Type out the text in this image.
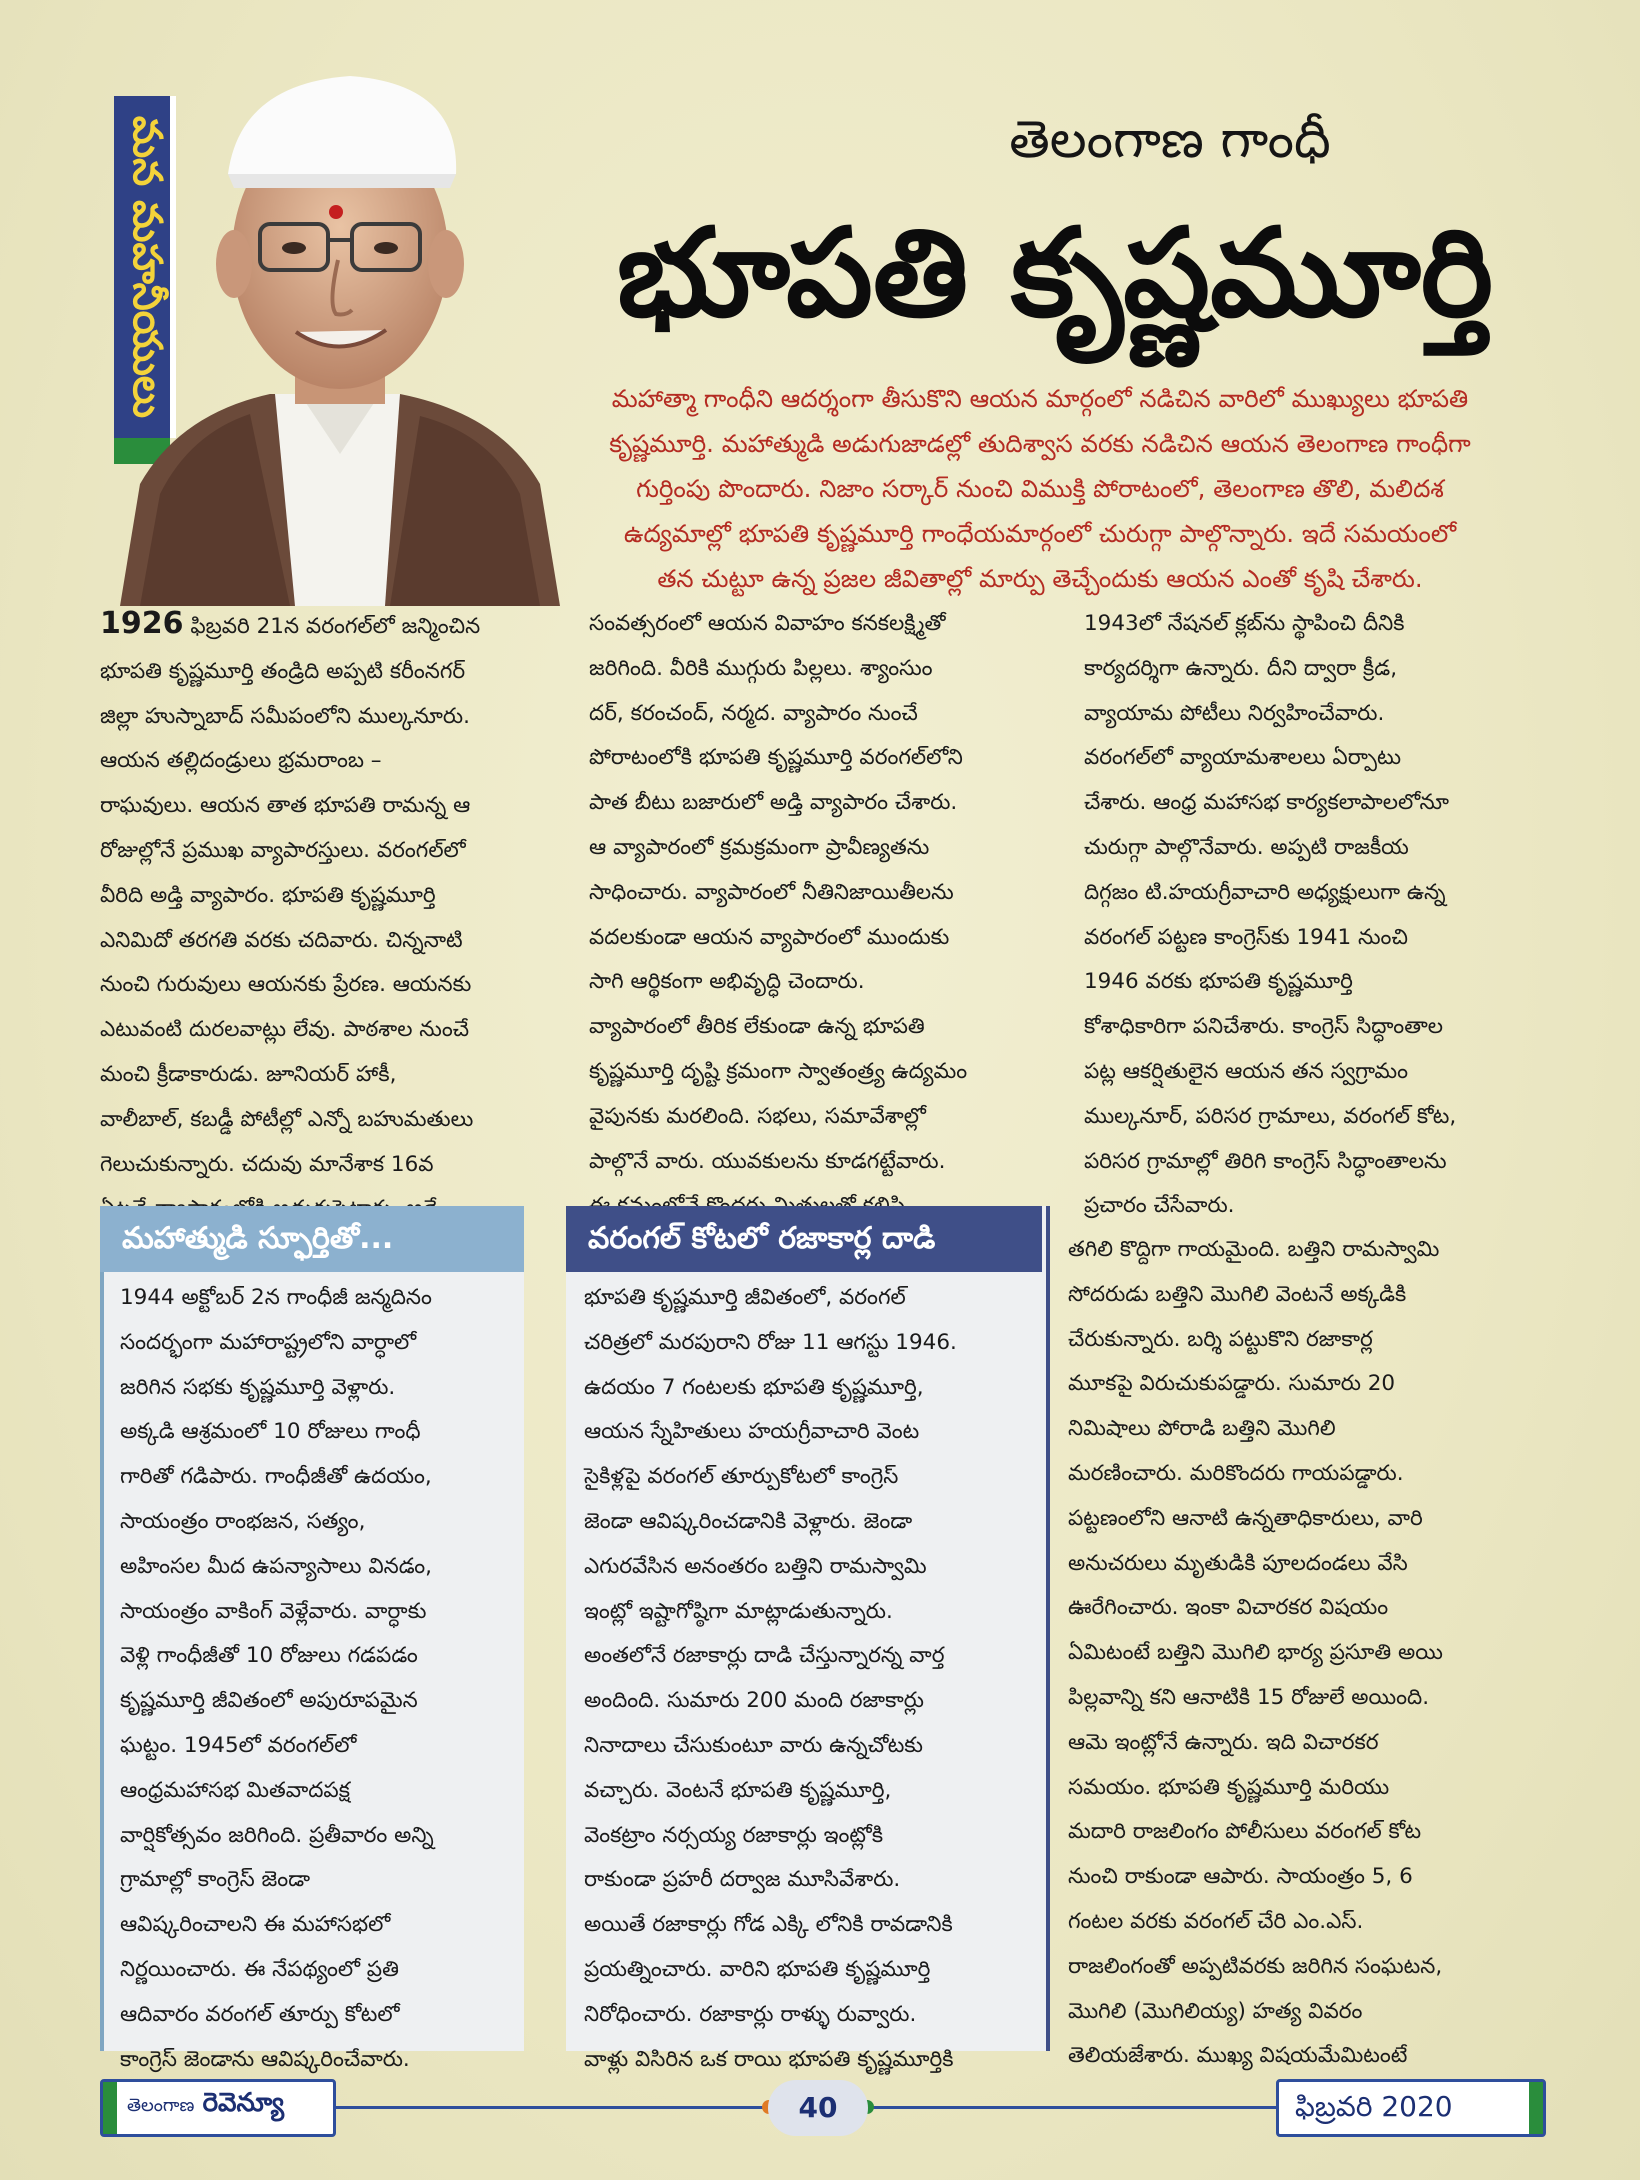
మన మహనీయులు	తెలంగాణ గాంధీ
భూపతి కృష్ణమూర్తి
మహాత్మా గాంధీని ఆదర్శంగా తీసుకొని ఆయన మార్గంలో నడిచిన వారిలో ముఖ్యులు భూపతి
కృష్ణమూర్తి. మహాత్ముడి అడుగుజాడల్లో తుదిశ్వాస వరకు నడిచిన ఆయన తెలంగాణ గాంధీగా
గుర్తింపు పొందారు. నిజాం సర్కార్ నుంచి విముక్తి పోరాటంలో, తెలంగాణ తొలి, మలిదశ
ఉద్యమాల్లో భూపతి కృష్ణమూర్తి గాంధేయమార్గంలో చురుగ్గా పాల్గొన్నారు. ఇదే సమయంలో
తన చుట్టూ ఉన్న ప్రజల జీవితాల్లో మార్పు తెచ్చేందుకు ఆయన ఎంతో కృషి చేశారు.
1926 ఫిబ్రవరి 21న వరంగల్‌లో జన్మించిన
భూపతి కృష్ణమూర్తి తండ్రిది అప్పటి కరీంనగర్
జిల్లా హుస్నాబాద్ సమీపంలోని ముల్కనూరు.
ఆయన తల్లిదండ్రులు భ్రమరాంబ –
రాఘవులు. ఆయన తాత భూపతి రామన్న ఆ
రోజుల్లోనే ప్రముఖ వ్యాపారస్తులు. వరంగల్‌లో
వీరిది అడ్తి వ్యాపారం. భూపతి కృష్ణమూర్తి
ఎనిమిదో తరగతి వరకు చదివారు. చిన్ననాటి
నుంచి గురువులు ఆయనకు ప్రేరణ. ఆయనకు
ఎటువంటి దురలవాట్లు లేవు. పాఠశాల నుంచే
మంచి క్రీడాకారుడు. జూనియర్ హాకీ,
వాలీబాల్, కబడ్డీ పోటీల్లో ఎన్నో బహుమతులు
గెలుచుకున్నారు. చదువు మానేశాక 16వ
సంవత్సరంలో ఆయన వివాహం కనకలక్ష్మితో
జరిగింది. వీరికి ముగ్గురు పిల్లలు. శ్యాంసుం
దర్, కరంచంద్, నర్మద. వ్యాపారం నుంచే
పోరాటంలోకి భూపతి కృష్ణమూర్తి వరంగల్‌లోని
పాత బీటు బజారులో అడ్తి వ్యాపారం చేశారు.
ఆ వ్యాపారంలో క్రమక్రమంగా ప్రావీణ్యతను
సాధించారు. వ్యాపారంలో నీతినిజాయితీలను
వదలకుండా ఆయన వ్యాపారంలో ముందుకు
సాగి ఆర్థికంగా అభివృద్ధి చెందారు.
వ్యాపారంలో తీరిక లేకుండా ఉన్న భూపతి
కృష్ణమూర్తి దృష్టి క్రమంగా స్వాతంత్ర్య ఉద్యమం
వైపునకు మరలింది. సభలు, సమావేశాల్లో
పాల్గొనే వారు. యువకులను కూడగట్టేవారు.
1943లో నేషనల్ క్లబ్‌ను స్థాపించి దీనికి
కార్యదర్శిగా ఉన్నారు. దీని ద్వారా క్రీడ,
వ్యాయామ పోటీలు నిర్వహించేవారు.
వరంగల్‌లో వ్యాయామశాలలు ఏర్పాటు
చేశారు. ఆంధ్ర మహాసభ కార్యకలాపాలలోనూ
చురుగ్గా పాల్గొనేవారు. అప్పటి రాజకీయ
దిగ్గజం టి.హయగ్రీవాచారి అధ్యక్షులుగా ఉన్న
వరంగల్ పట్టణ కాంగ్రెస్‌కు 1941 నుంచి
1946 వరకు భూపతి కృష్ణమూర్తి
కోశాధికారిగా పనిచేశారు. కాంగ్రెస్ సిద్ధాంతాల
పట్ల ఆకర్షితులైన ఆయన తన స్వగ్రామం
ముల్కనూర్, పరిసర గ్రామాలు, వరంగల్ కోట,
పరిసర గ్రామాల్లో తిరిగి కాంగ్రెస్ సిద్ధాంతాలను
ప్రచారం చేసేవారు.
మహాత్ముడి స్ఫూర్తితో...
1944 అక్టోబర్ 2న గాంధీజీ జన్మదినం
సందర్భంగా మహారాష్ట్రలోని వార్ధాలో
జరిగిన సభకు కృష్ణమూర్తి వెళ్లారు.
అక్కడి ఆశ్రమంలో 10 రోజులు గాంధీ
గారితో గడిపారు. గాంధీజీతో ఉదయం,
సాయంత్రం రాంభజన, సత్యం,
అహింసల మీద ఉపన్యాసాలు వినడం,
సాయంత్రం వాకింగ్ వెళ్లేవారు. వార్ధాకు
వెళ్లి గాంధీజీతో 10 రోజులు గడపడం
కృష్ణమూర్తి జీవితంలో అపురూపమైన
ఘట్టం. 1945లో వరంగల్‌లో
ఆంధ్రమహాసభ మితవాదపక్ష
వార్షికోత్సవం జరిగింది. ప్రతీవారం అన్ని
గ్రామాల్లో కాంగ్రెస్ జెండా
ఆవిష్కరించాలని ఈ మహాసభలో
నిర్ణయించారు. ఈ నేపథ్యంలో ప్రతి
ఆదివారం వరంగల్ తూర్పు కోటలో
కాంగ్రెస్ జెండాను ఆవిష్కరించేవారు.
వరంగల్ కోటలో రజాకార్ల దాడి
భూపతి కృష్ణమూర్తి జీవితంలో, వరంగల్
చరిత్రలో మరపురాని రోజు 11 ఆగస్టు 1946.
ఉదయం 7 గంటలకు భూపతి కృష్ణమూర్తి,
ఆయన స్నేహితులు హయగ్రీవాచారి వెంట
సైకిళ్లపై వరంగల్ తూర్పుకోటలో కాంగ్రెస్
జెండా ఆవిష్కరించడానికి వెళ్లారు. జెండా
ఎగురవేసిన అనంతరం బత్తిని రామస్వామి
ఇంట్లో ఇష్టాగోష్ఠిగా మాట్లాడుతున్నారు.
అంతలోనే రజాకార్లు దాడి చేస్తున్నారన్న వార్త
అందింది. సుమారు 200 మంది రజాకార్లు
నినాదాలు చేసుకుంటూ వారు ఉన్నచోటకు
వచ్చారు. వెంటనే భూపతి కృష్ణమూర్తి,
వెంకట్రాం నర్సయ్య రజాకార్లు ఇంట్లోకి
రాకుండా ప్రహరీ దర్వాజ మూసివేశారు.
అయితే రజాకార్లు గోడ ఎక్కి లోనికి రావడానికి
ప్రయత్నించారు. వారిని భూపతి కృష్ణమూర్తి
నిరోధించారు. రజాకార్లు రాళ్ళు రువ్వారు.
వాళ్లు విసిరిన ఒక రాయి భూపతి కృష్ణమూర్తికి
తగిలి కొద్దిగా గాయమైంది. బత్తిని రామస్వామి
సోదరుడు బత్తిని మొగిలి వెంటనే అక్కడికి
చేరుకున్నారు. బర్శి పట్టుకొని రజాకార్ల
మూకపై విరుచుకుపడ్డారు. సుమారు 20
నిమిషాలు పోరాడి బత్తిని మొగిలి
మరణించారు. మరికొందరు గాయపడ్డారు.
పట్టణంలోని ఆనాటి ఉన్నతాధికారులు, వారి
అనుచరులు మృతుడికి పూలదండలు వేసి
ఊరేగించారు. ఇంకా విచారకర విషయం
ఏమిటంటే బత్తిని మొగిలి భార్య ప్రసూతి అయి
పిల్లవాన్ని కని ఆనాటికి 15 రోజులే అయింది.
ఆమె ఇంట్లోనే ఉన్నారు. ఇది విచారకర
సమయం. భూపతి కృష్ణమూర్తి మరియు
మదారి రాజలింగం పోలీసులు వరంగల్ కోట
నుంచి రాకుండా ఆపారు. సాయంత్రం 5, 6
గంటల వరకు వరంగల్ చేరి ఎం.ఎస్.
రాజలింగంతో అప్పటివరకు జరిగిన సంఘటన,
మొగిలి (మొగిలియ్య) హత్య వివరం
తెలియజేశారు. ముఖ్య విషయమేమిటంటే
తెలంగాణ రెవెన్యూ	40	ఫిబ్రవరి 2020
